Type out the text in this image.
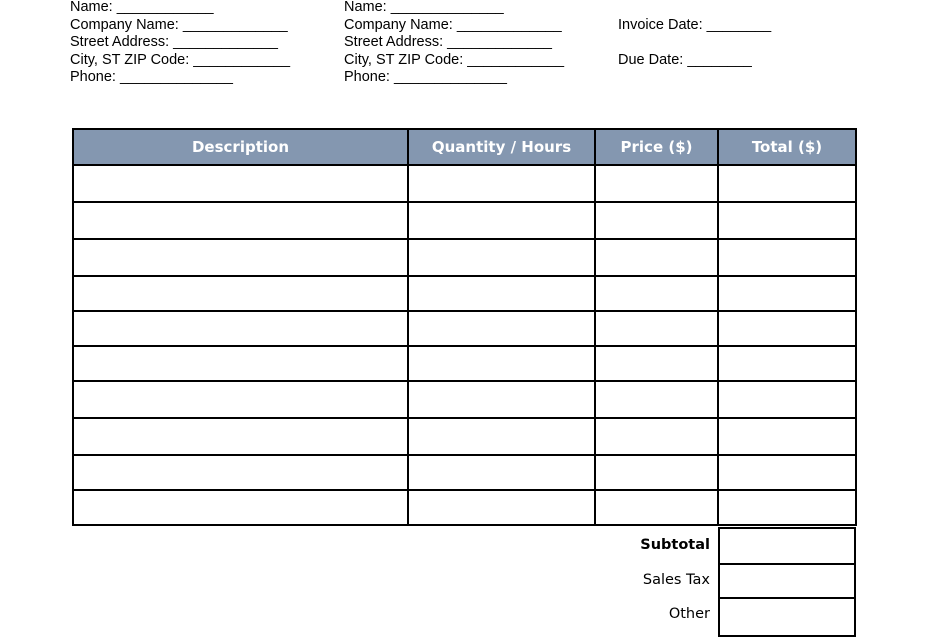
Name: ____________
Company Name: _____________
Street Address: _____________
City, ST ZIP Code: ____________
Phone: ______________
Name: ______________
Company Name: _____________
Street Address: _____________
City, ST ZIP Code: ____________
Phone: ______________
Invoice Date: ________
Due Date: ________
Description	Quantity / Hours	Price ($)	Total ($)

Subtotal
Sales Tax
Other
